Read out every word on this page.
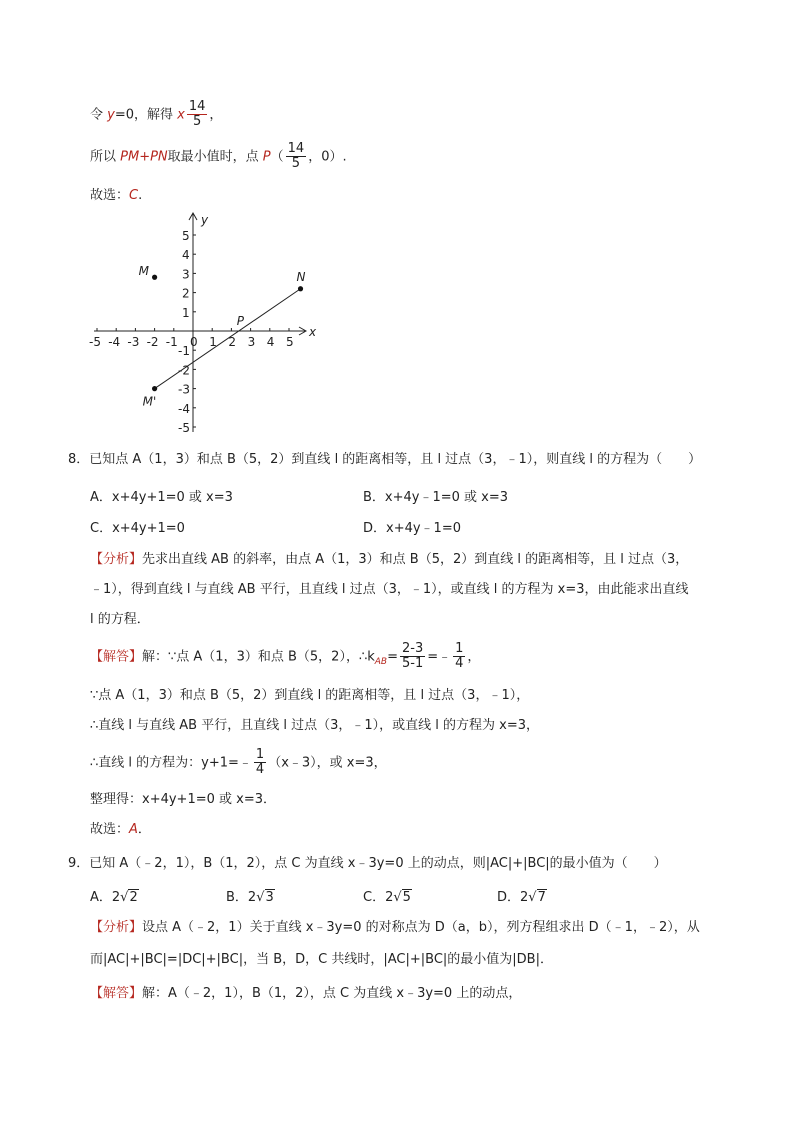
令 y=0，解得 x $\frac{14}{5}$ ，
所以 PM+PN取最小值时，点 $P( \frac{14}{5}$ ，0）.
故选：C.
x
y
-5 -4 -3 -2 -1 0 1 2 3 4 5
5
4
3
2
1
-1
-2
-3
-4
-5
M	N
M'
P
8．已知点 A（1，3）和点 B（5，2）到直线 l 的距离相等，且 l 过点（3，﹣1），则直线 l 的方程为（　　）
A．x+4y+1=0 或 x=3	B．x+4y﹣1=0 或 x=3
C．x+4y+1=0	D．x+4y﹣1=0
【分析】先求出直线 AB 的斜率，由点 A（1，3）和点 B（5，2）到直线 l 的距离相等，且 l 过点（3，
﹣1），得到直线 l 与直线 AB 平行，且直线 l 过点（3，﹣1），或直线 l 的方程为 x=3，由此能求出直线
l 的方程．
【解答】解：∵点 A（1，3）和点 B（5，2），$\therefore k_{AB}= \frac{2-3}{5-1}$ =﹣ $\frac{1}{4}$ ，
∵点 A（1，3）和点 B（5，2）到直线 l 的距离相等，且 l 过点（3，﹣1），
∴直线 l 与直线 AB 平行，且直线 l 过点（3，﹣1），或直线 l 的方程为 x=3，
∴直线 l 的方程为：y+1=﹣ $\frac{1}{4}$ （x﹣3），或 x=3，
整理得：x+4y+1=0 或 x=3．
故选：A．
9．已知 A（﹣2，1），B（1，2），点 C 为直线 x﹣3y=0 上的动点，则|AC|+|BC|的最小值为（　　）
A．2√2	B．2√3	C．2√5	D．2√7
【分析】设点 A（﹣2，1）关于直线 x﹣3y=0 的对称点为 D（a，b），列方程组求出 D（﹣1，﹣2），从
而|AC|+|BC|=|DC|+|BC|，当 B，D，C 共线时，|AC|+|BC|的最小值为|DB|．
【解答】解：A（﹣2，1），B（1，2），点 C 为直线 x﹣3y=0 上的动点，
